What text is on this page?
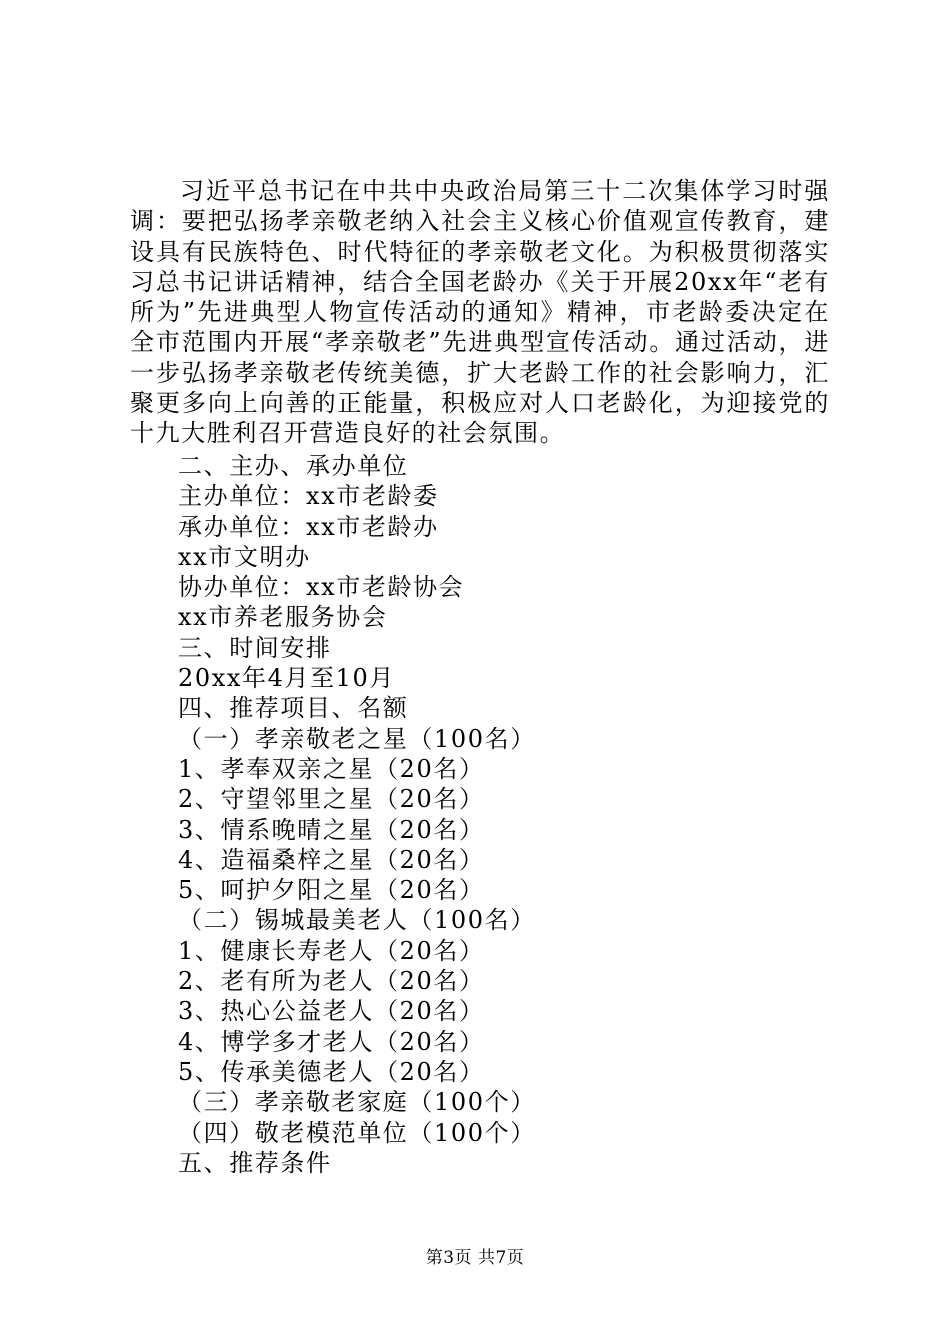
习近平总书记在中共中央政治局第三十二次集体学习时强调：要把弘扬孝亲敬老纳入社会主义核心价值观宣传教育，建设具有民族特色、时代特征的孝亲敬老文化。为积极贯彻落实习总书记讲话精神，结合全国老龄办《关于开展20xx年“老有所为”先进典型人物宣传活动的通知》精神，市老龄委决定在全市范围内开展“孝亲敬老”先进典型宣传活动。通过活动，进一步弘扬孝亲敬老传统美德，扩大老龄工作的社会影响力，汇聚更多向上向善的正能量，积极应对人口老龄化，为迎接党的十九大胜利召开营造良好的社会氛围。

二、主办、承办单位
主办单位：xx市老龄委
承办单位：xx市老龄办
xx市文明办
协办单位：xx市老龄协会
xx市养老服务协会
三、时间安排
20xx年4月至10月
四、推荐项目、名额
（一）孝亲敬老之星（100名）
1、孝奉双亲之星（20名）
2、守望邻里之星（20名）
3、情系晚晴之星（20名）
4、造福桑梓之星（20名）
5、呵护夕阳之星（20名）
（二）锡城最美老人（100名）
1、健康长寿老人（20名）
2、老有所为老人（20名）
3、热心公益老人（20名）
4、博学多才老人（20名）
5、传承美德老人（20名）
（三）孝亲敬老家庭（100个）
（四）敬老模范单位（100个）
五、推荐条件
第3页 共7页
